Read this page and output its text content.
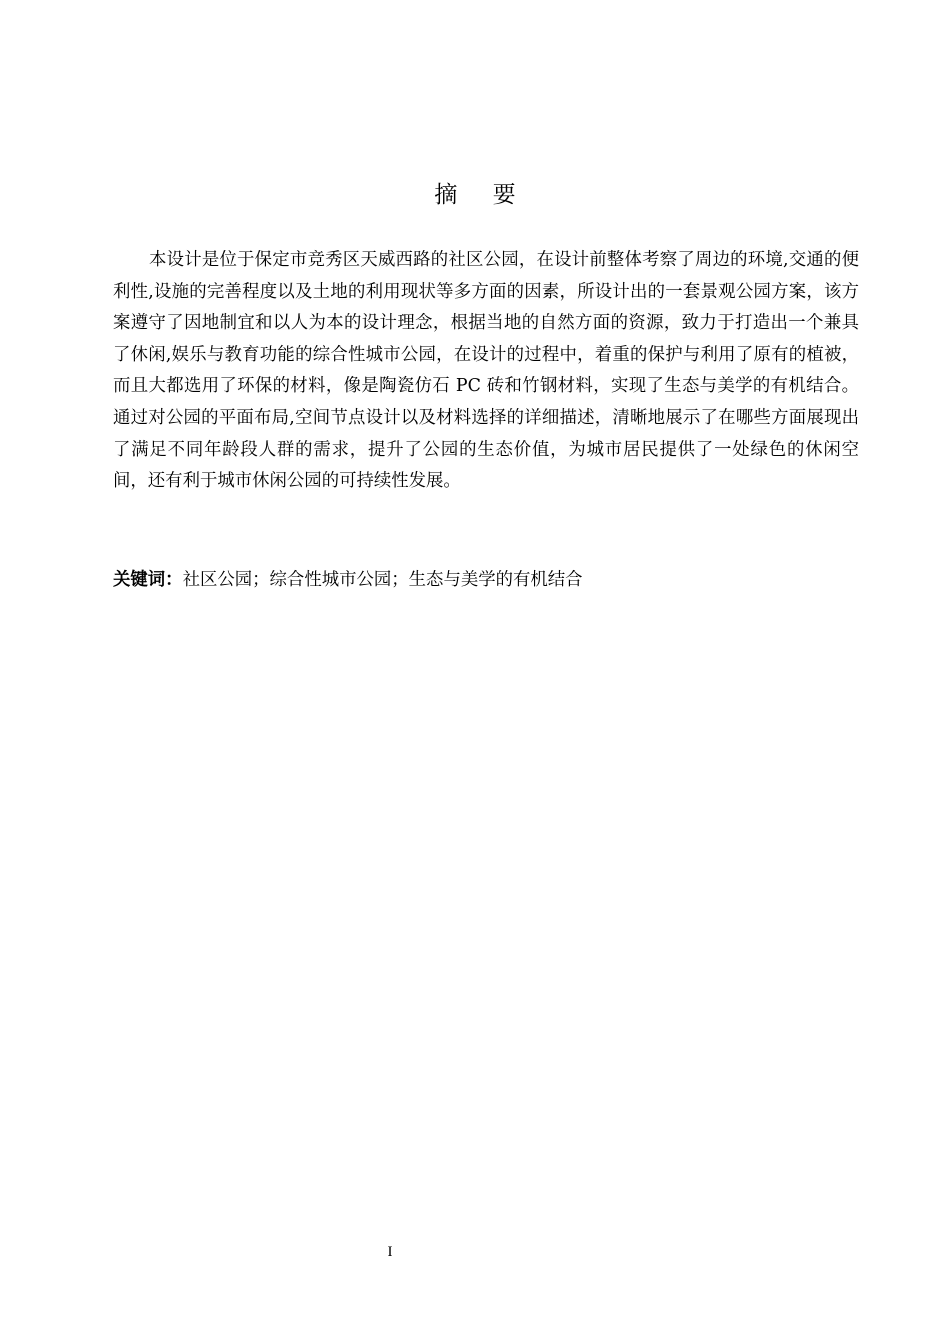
摘 要

本设计是位于保定市竞秀区天威西路的社区公园，在设计前整体考察了周边的环境,交通的便利性,设施的完善程度以及土地的利用现状等多方面的因素，所设计出的一套景观公园方案，该方案遵守了因地制宜和以人为本的设计理念，根据当地的自然方面的资源，致力于打造出一个兼具了休闲,娱乐与教育功能的综合性城市公园，在设计的过程中，着重的保护与利用了原有的植被，而且大都选用了环保的材料，像是陶瓷仿石 PC 砖和竹钢材料，实现了生态与美学的有机结合。通过对公园的平面布局,空间节点设计以及材料选择的详细描述，清晰地展示了在哪些方面展现出了满足不同年龄段人群的需求，提升了公园的生态价值，为城市居民提供了一处绿色的休闲空间，还有利于城市休闲公园的可持续性发展。

关键词：社区公园；综合性城市公园；生态与美学的有机结合
I
